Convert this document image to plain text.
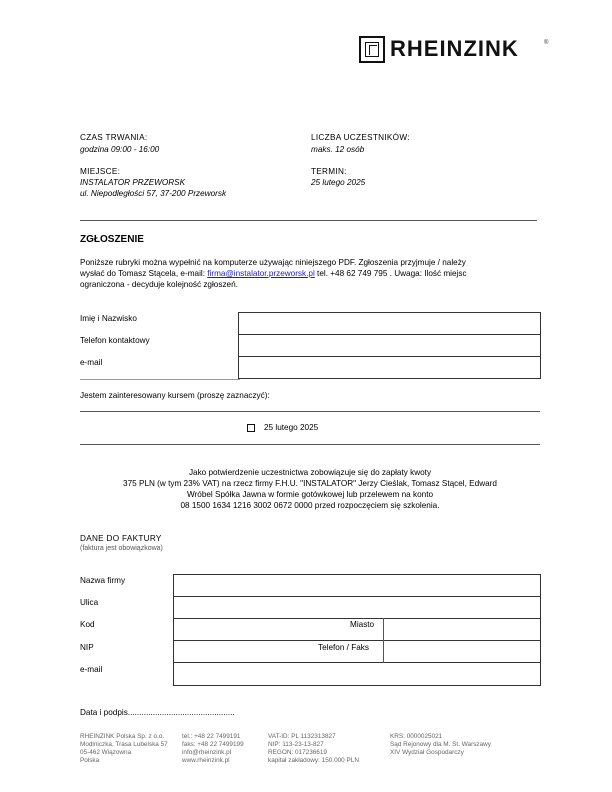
RHEINZINK	®
CZAS TRWANIA:
godzina 09:00 - 16:00
LICZBA UCZESTNIKÓW:
maks. 12 osób
MIEJSCE:
INSTALATOR PRZEWORSK
ul. Niepodległości 57, 37-200 Przeworsk
TERMIN:
25 lutego 2025
ZGŁOSZENIE
Poniższe rubryki można wypełnić na komputerze używając niniejszego PDF. Zgłoszenia przyjmuje / należy
wysłać do Tomasz Stącela, e-mail: firma@instalator.przeworsk.pl tel. +48 62 749 795 . Uwaga: Ilość miejsc
ograniczona - decyduje kolejność zgłoszeń.
Imię i Nazwisko
Telefon kontaktowy
e-mail
Jestem zainteresowany kursem (proszę zaznaczyć):
25 lutego 2025
Jako potwierdzenie uczestnictwa zobowiązuje się do zapłaty kwoty
375 PLN (w tym 23% VAT) na rzecz firmy F.H.U. "INSTALATOR" Jerzy Cieślak, Tomasz Stącel, Edward
Wróbel Spółka Jawna w formie gotówkowej lub przelewem na konto
08 1500 1634 1216 3002 0672 0000 przed rozpoczęciem się szkolenia.
DANE DO FAKTURY
(faktura jest obowiązkowa)
Nazwa firmy
Ulica
Kod
NIP
e-mail
Miasto
Telefon / Faks
Data i podpis...............................................
RHEINZINK Polska Sp. z o.o.
Modlniczka, Trasa Lubelska 57
05-462 Wiązowna
Polska
tel.: +48 22 7499191
faks: +48 22 7499199
info@rheinzink.pl
www.rheinzink.pl
VAT-ID: PL 1132313827
NIP: 113-23-13-827
REGON: 017236619
kapitał zakładowy: 150.000 PLN
KRS: 0000025021
Sąd Rejonowy dla M. St. Warszawy
XIV Wydział Gospodarczy
